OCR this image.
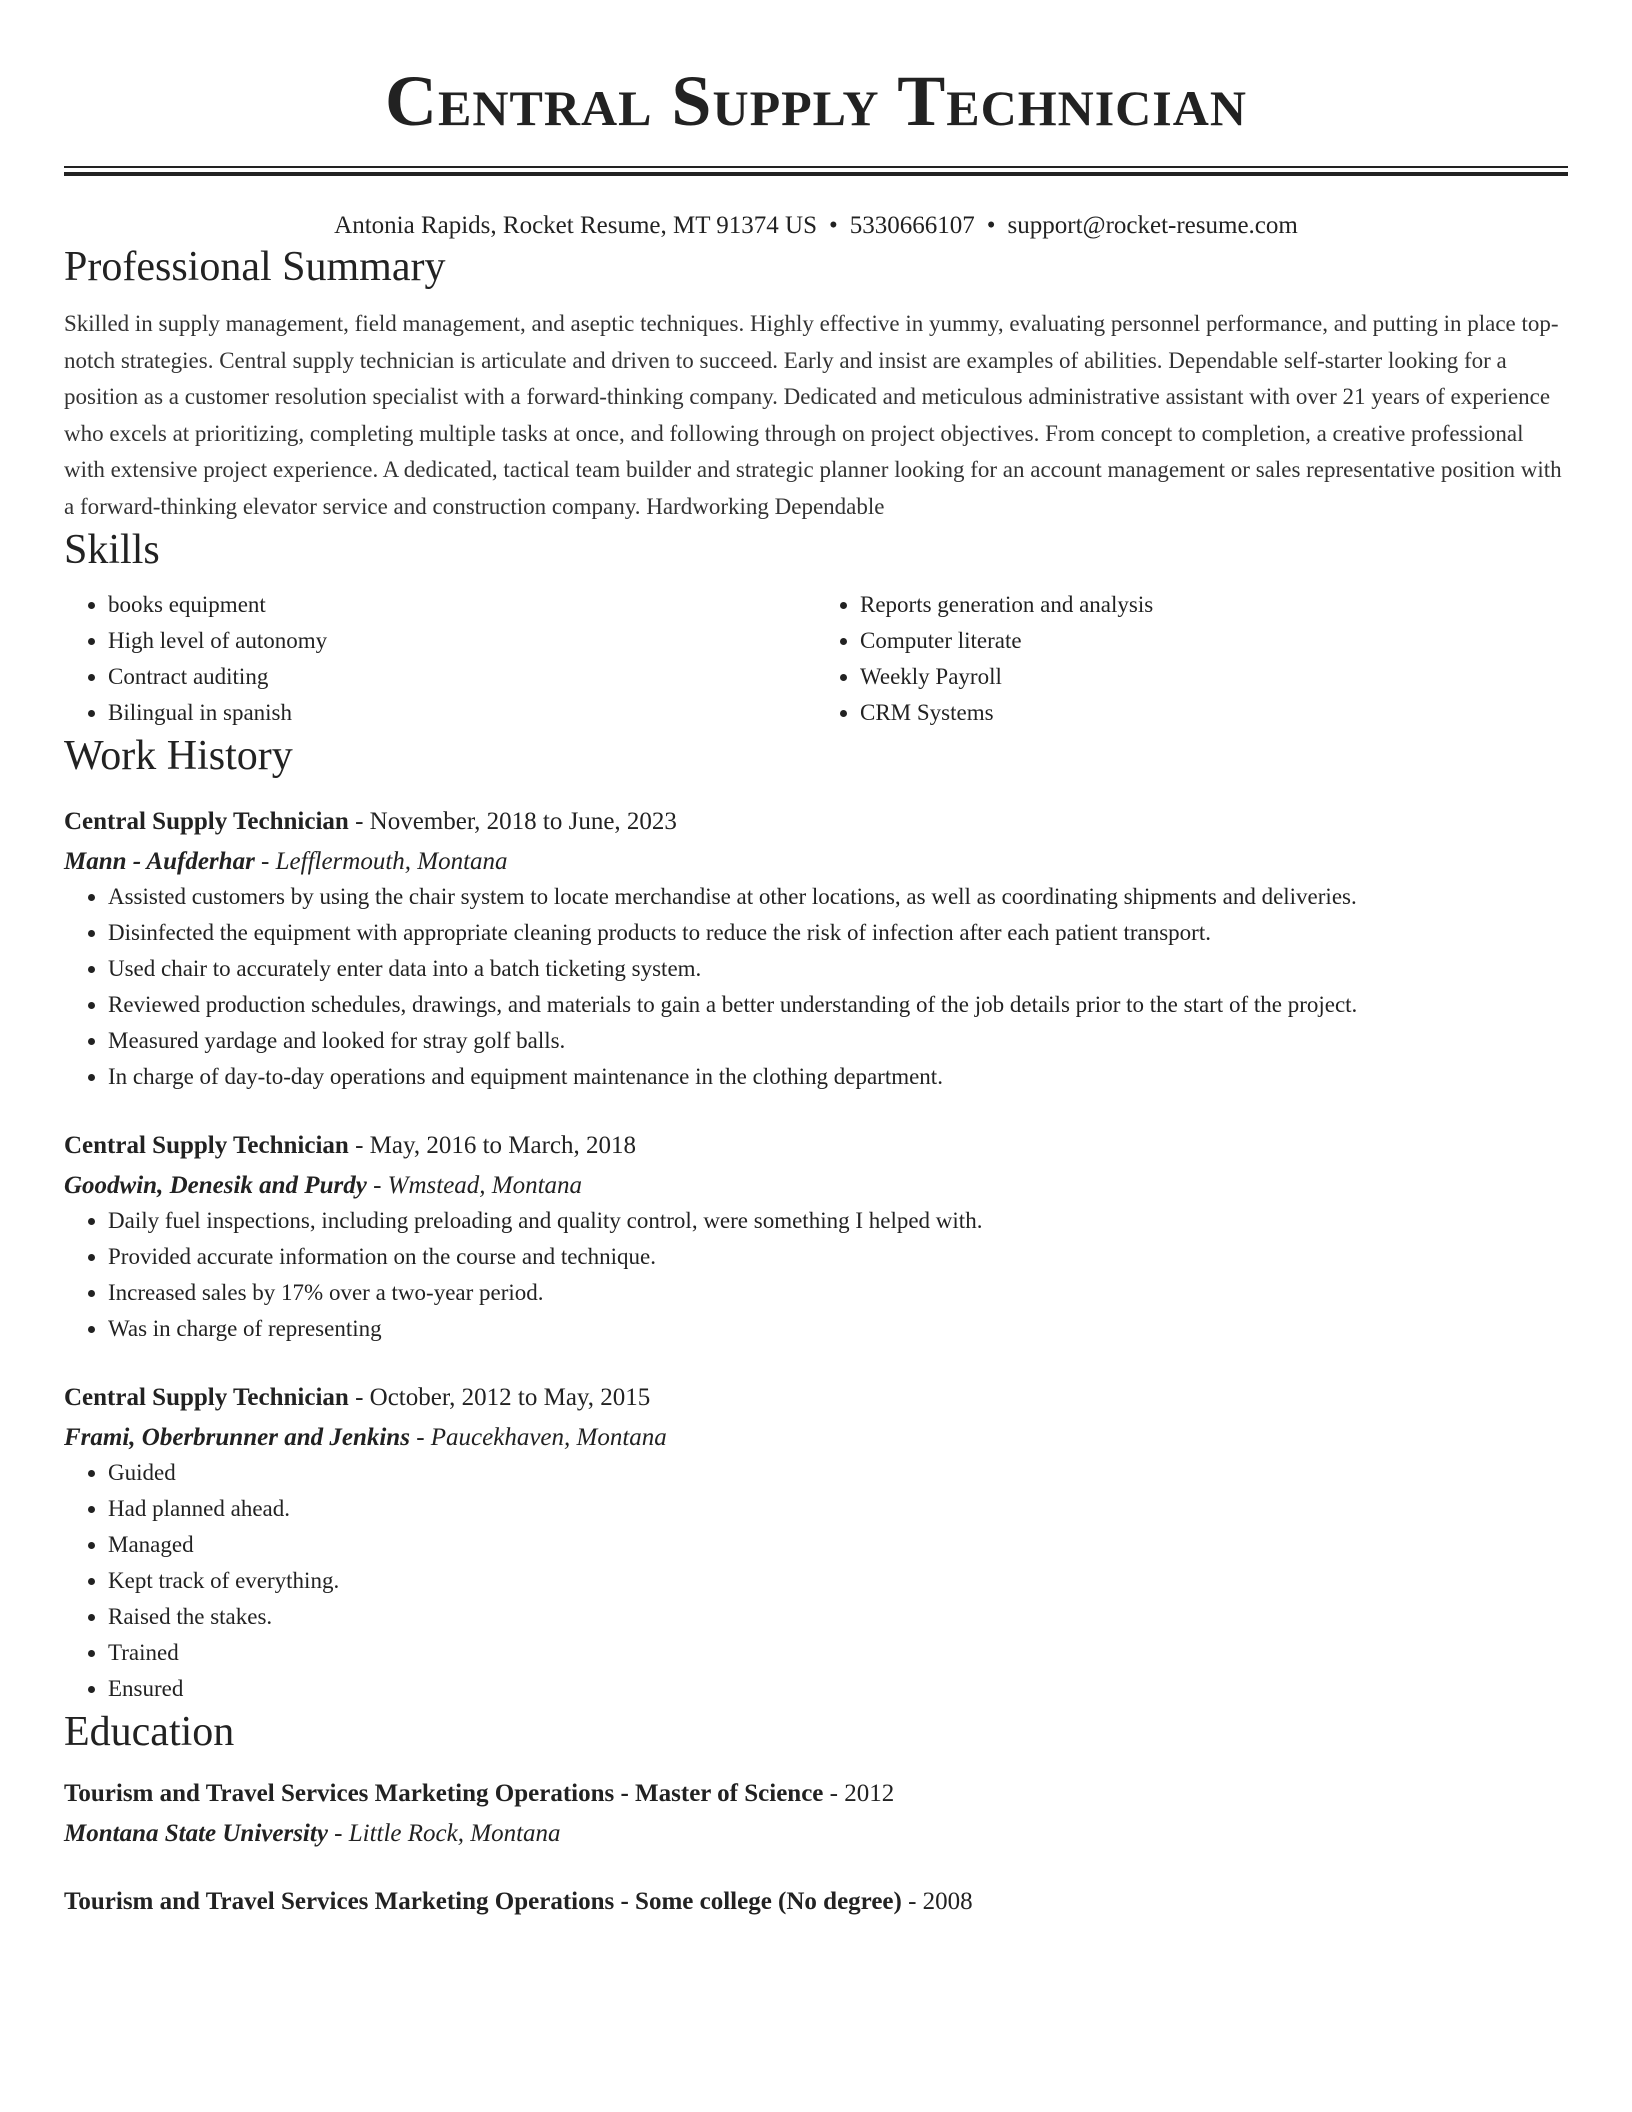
Central Supply Technician
Antonia Rapids, Rocket Resume, MT 91374 US • 5330666107 • support@rocket-resume.com
Professional Summary

Skilled in supply management, field management, and aseptic techniques. Highly effective in yummy, evaluating personnel performance, and putting in place top-notch strategies. Central supply technician is articulate and driven to succeed. Early and insist are examples of abilities. Dependable self-starter looking for a position as a customer resolution specialist with a forward-thinking company. Dedicated and meticulous administrative assistant with over 21 years of experience who excels at prioritizing, completing multiple tasks at once, and following through on project objectives. From concept to completion, a creative professional with extensive project experience. A dedicated, tactical team builder and strategic planner looking for an account management or sales representative position with a forward-thinking elevator service and construction company. Hardworking Dependable

Skills
• books equipment
• High level of autonomy
• Contract auditing
• Bilingual in spanish
• Reports generation and analysis
• Computer literate
• Weekly Payroll
• CRM Systems
Work History
Central Supply Technician - November, 2018 to June, 2023
Mann - Aufderhar - Lefflermouth, Montana
• Assisted customers by using the chair system to locate merchandise at other locations, as well as coordinating shipments and deliveries.
• Disinfected the equipment with appropriate cleaning products to reduce the risk of infection after each patient transport.
• Used chair to accurately enter data into a batch ticketing system.
• Reviewed production schedules, drawings, and materials to gain a better understanding of the job details prior to the start of the project.
• Measured yardage and looked for stray golf balls.
• In charge of day-to-day operations and equipment maintenance in the clothing department.
Central Supply Technician - May, 2016 to March, 2018
Goodwin, Denesik and Purdy - Wmstead, Montana
• Daily fuel inspections, including preloading and quality control, were something I helped with.
• Provided accurate information on the course and technique.
• Increased sales by 17% over a two-year period.
• Was in charge of representing
Central Supply Technician - October, 2012 to May, 2015
Frami, Oberbrunner and Jenkins - Paucekhaven, Montana
• Guided
• Had planned ahead.
• Managed
• Kept track of everything.
• Raised the stakes.
• Trained
• Ensured
Education
Tourism and Travel Services Marketing Operations - Master of Science - 2012
Montana State University - Little Rock, Montana
Tourism and Travel Services Marketing Operations - Some college (No degree) - 2008
